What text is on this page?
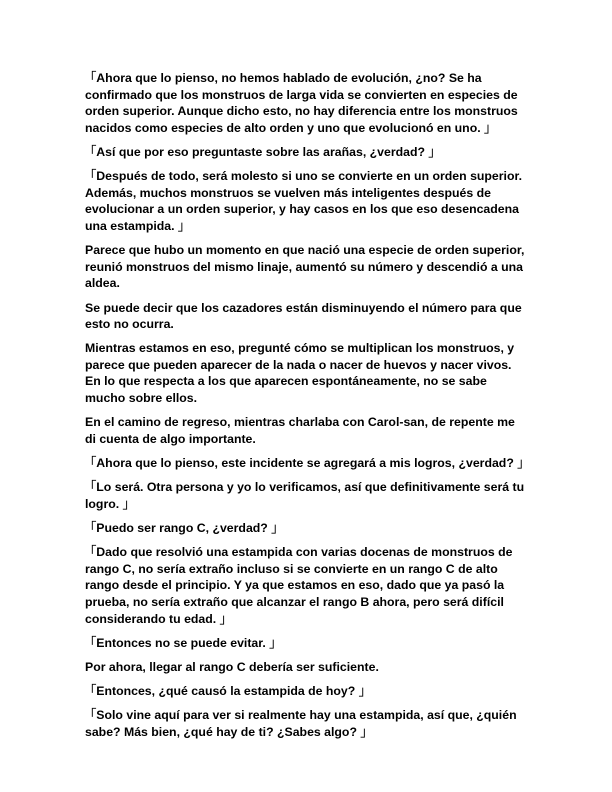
「Ahora que lo pienso, no hemos hablado de evolución, ¿no? Se ha confirmado que los monstruos de larga vida se convierten en especies de orden superior. Aunque dicho esto, no hay diferencia entre los monstruos nacidos como especies de alto orden y uno que evolucionó en uno. 」

「Así que por eso preguntaste sobre las arañas, ¿verdad? 」

「Después de todo, será molesto si uno se convierte en un orden superior. Además, muchos monstruos se vuelven más inteligentes después de evolucionar a un orden superior, y hay casos en los que eso desencadena una estampida. 」

Parece que hubo un momento en que nació una especie de orden superior, reunió monstruos del mismo linaje, aumentó su número y descendió a una aldea.

Se puede decir que los cazadores están disminuyendo el número para que esto no ocurra.

Mientras estamos en eso, pregunté cómo se multiplican los monstruos, y parece que pueden aparecer de la nada o nacer de huevos y nacer vivos. En lo que respecta a los que aparecen espontáneamente, no se sabe mucho sobre ellos.

En el camino de regreso, mientras charlaba con Carol-san, de repente me di cuenta de algo importante.

「Ahora que lo pienso, este incidente se agregará a mis logros, ¿verdad? 」

「Lo será. Otra persona y yo lo verificamos, así que definitivamente será tu logro. 」

「Puedo ser rango C, ¿verdad? 」

「Dado que resolvió una estampida con varias docenas de monstruos de rango C, no sería extraño incluso si se convierte en un rango C de alto rango desde el principio. Y ya que estamos en eso, dado que ya pasó la prueba, no sería extraño que alcanzar el rango B ahora, pero será difícil considerando tu edad. 」

「Entonces no se puede evitar. 」

Por ahora, llegar al rango C debería ser suficiente.

「Entonces, ¿qué causó la estampida de hoy? 」

「Solo vine aquí para ver si realmente hay una estampida, así que, ¿quién sabe? Más bien, ¿qué hay de ti? ¿Sabes algo? 」
